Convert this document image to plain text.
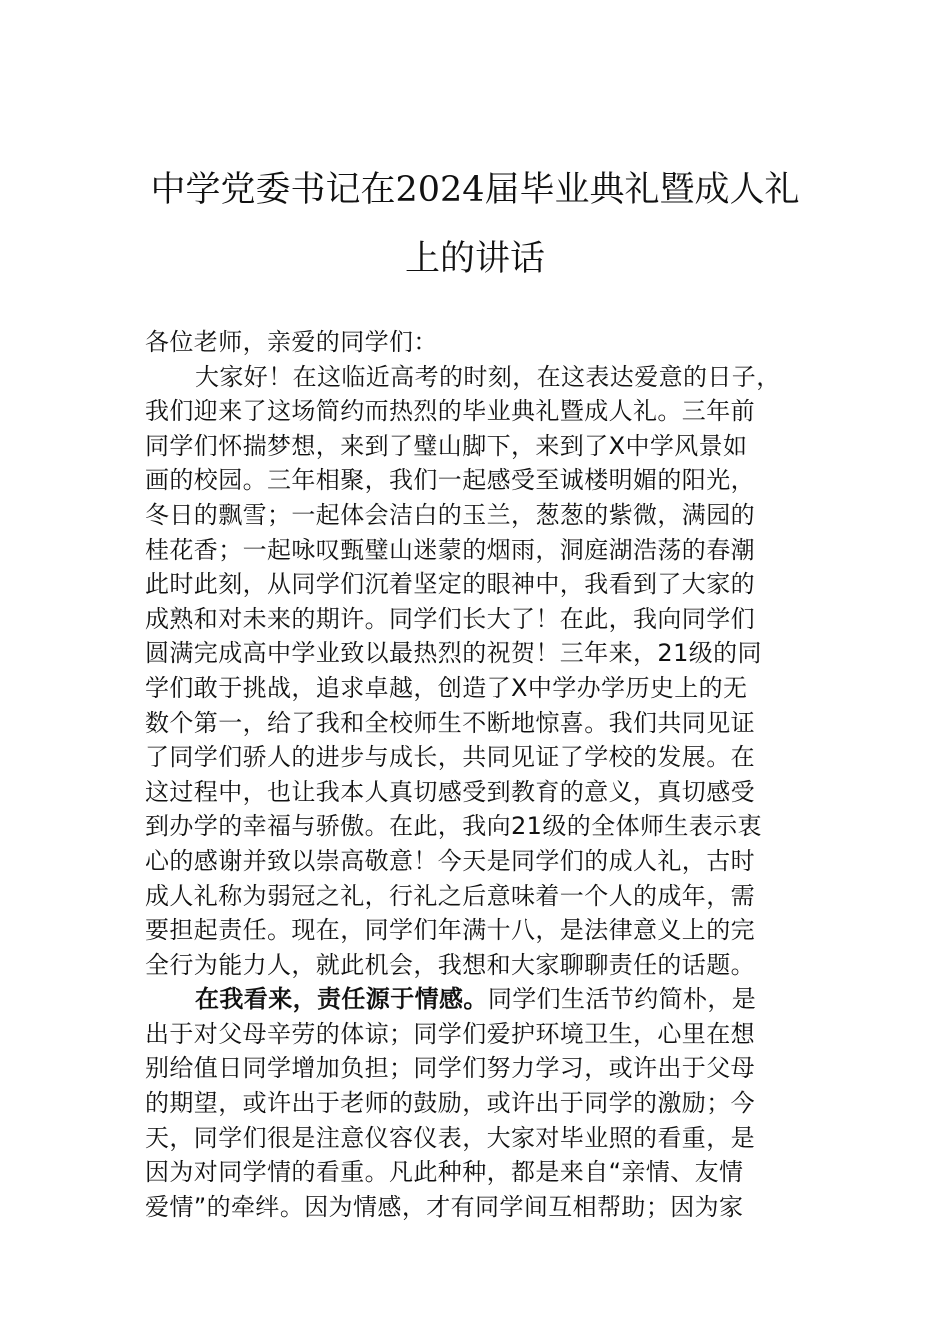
中学党委书记在2024届毕业典礼暨成人礼
上的讲话
各位老师，亲爱的同学们：
大家好！在这临近高考的时刻，在这表达爱意的日子，
我们迎来了这场简约而热烈的毕业典礼暨成人礼。三年前
同学们怀揣梦想，来到了璧山脚下，来到了X中学风景如
画的校园。三年相聚，我们一起感受至诚楼明媚的阳光，
冬日的飘雪；一起体会洁白的玉兰，葱葱的紫微，满园的
桂花香；一起咏叹甄璧山迷蒙的烟雨，洞庭湖浩荡的春潮
此时此刻，从同学们沉着坚定的眼神中，我看到了大家的
成熟和对未来的期许。同学们长大了！在此，我向同学们
圆满完成高中学业致以最热烈的祝贺！三年来，21级的同
学们敢于挑战，追求卓越，创造了X中学办学历史上的无
数个第一，给了我和全校师生不断地惊喜。我们共同见证
了同学们骄人的进步与成长，共同见证了学校的发展。在
这过程中，也让我本人真切感受到教育的意义，真切感受
到办学的幸福与骄傲。在此，我向21级的全体师生表示衷
心的感谢并致以崇高敬意！今天是同学们的成人礼，古时
成人礼称为弱冠之礼，行礼之后意味着一个人的成年，需
要担起责任。现在，同学们年满十八，是法律意义上的完
全行为能力人，就此机会，我想和大家聊聊责任的话题。
在我看来，责任源于情感。同学们生活节约简朴，是
出于对父母辛劳的体谅；同学们爱护环境卫生，心里在想
别给值日同学增加负担；同学们努力学习，或许出于父母
的期望，或许出于老师的鼓励，或许出于同学的激励；今
天，同学们很是注意仪容仪表，大家对毕业照的看重，是
因为对同学情的看重。凡此种种，都是来自“亲情、友情
爱情”的牵绊。因为情感，才有同学间互相帮助；因为家
